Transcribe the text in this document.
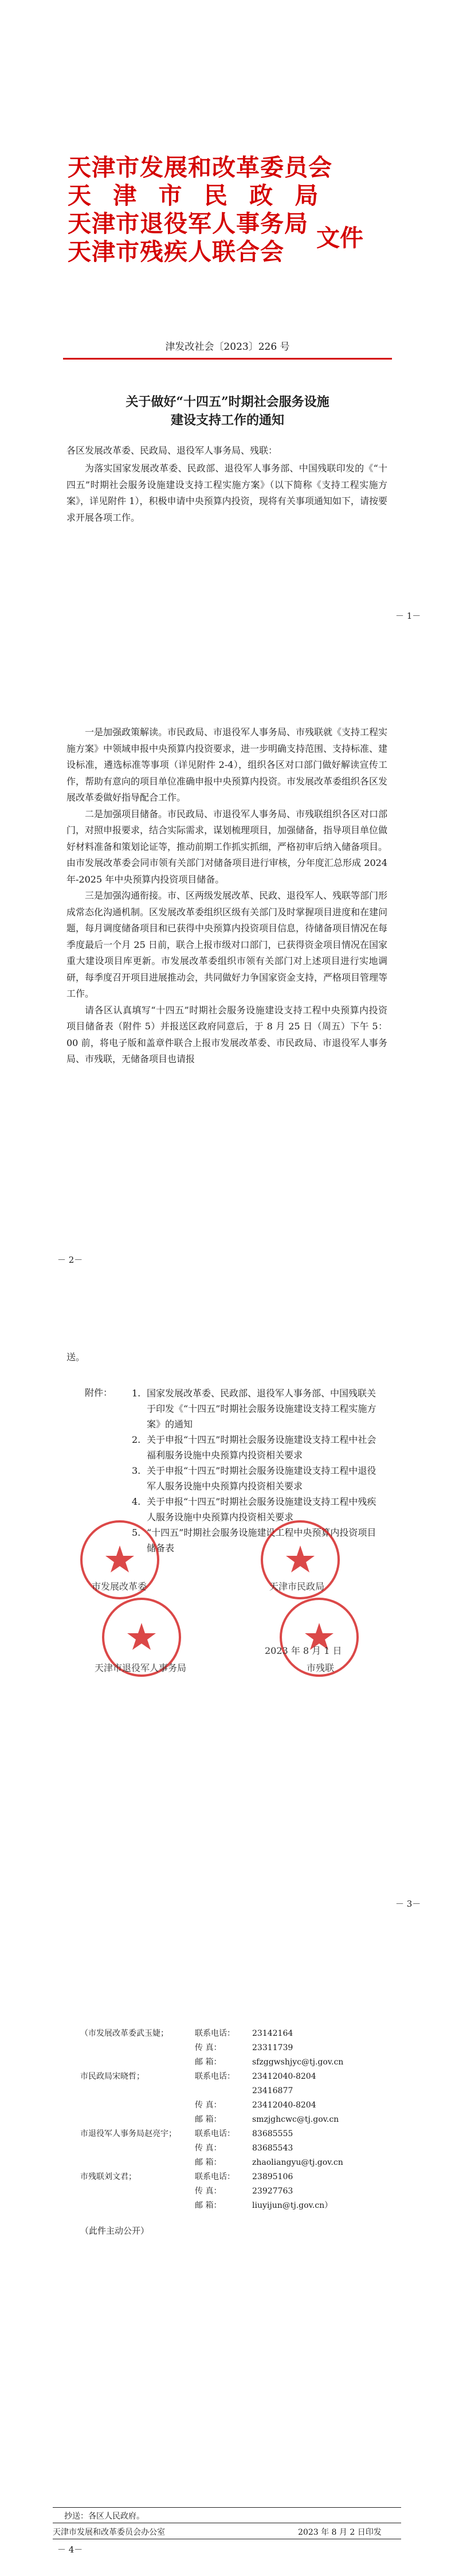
天津市发展和改革委员会
天 津 市 民 政 局
天津市退役军人事务局
天津市残疾人联合会	文件
津发改社会〔2023〕226 号
关于做好“十四五”时期社会服务设施
建设支持工作的通知
各区发展改革委、民政局、退役军人事务局、残联：
为落实国家发展改革委、民政部、退役军人事务部、中国残联印发的《“十四五”时期社会服务设施建设支持工程实施方案》（以下简称《支持工程实施方案》，详见附件 1），积极申请中央预算内投资，现将有关事项通知如下，请按要求开展各项工作。
－ 1－

一是加强政策解读。市民政局、市退役军人事务局、市残联就《支持工程实施方案》中领域申报中央预算内投资要求，进一步明确支持范围、支持标准、建设标准，遴选标准等事项（详见附件 2-4），组织各区对口部门做好解读宣传工作，帮助有意向的项目单位准确申报中央预算内投资。市发展改革委组织各区发展改革委做好指导配合工作。

二是加强项目储备。市民政局、市退役军人事务局、市残联组织各区对口部门，对照申报要求，结合实际需求，谋划梳理项目，加强储备，指导项目单位做好材料准备和策划论证等，推动前期工作抓实抓细，严格初审后纳入储备项目。由市发展改革委会同市领有关部门对储备项目进行审核，分年度汇总形成 2024 年-2025 年中央预算内投资项目储备。

三是加强沟通衔接。市、区两级发展改革、民政、退役军人、残联等部门形成常态化沟通机制。区发展改革委组织区级有关部门及时掌握项目进度和在建问题，每月调度储备项目和已获得中央预算内投资项目信息，待储备项目情况在每季度最后一个月 25 日前，联合上报市级对口部门，已获得资金项目情况在国家重大建设项目库更新。市发展改革委组织市领有关部门对上述项目进行实地调研，每季度召开项目进展推动会，共同做好力争国家资金支持，严格项目管理等工作。

请各区认真填写“十四五”时期社会服务设施建设支持工程中央预算内投资项目储备表（附件 5）并报送区政府同意后，于 8 月 25 日（周五）下午 5：00 前，将电子版和盖章件联合上报市发展改革委、市民政局、市退役军人事务局、市残联，无储备项目也请报

－ 2－
送。
附件： 1. 国家发展改革委、民政部、退役军人事务部、中国残联关于印发《“十四五”时期社会服务设施建设支持工程实施方案》的通知
2. 关于申报“十四五”时期社会服务设施建设支持工程中社会福利服务设施中央预算内投资相关要求
3. 关于申报“十四五”时期社会服务设施建设支持工程中退役军人服务设施中央预算内投资相关要求
4. 关于申报“十四五”时期社会服务设施建设支持工程中残疾人服务设施中央预算内投资相关要求
5. “十四五”时期社会服务设施建设工程中央预算内投资项目储备表
市发展改革委	天津市民政局
天津市退役军人事务局	市残联
2023 年 8 月 1 日
－ 3－
（市发展改革委武玉婕；	联系电话： 23142164
传 真：	23311739
邮 箱：	sfzggwshjyc@tj.gov.cn
市民政局宋晓哲；	联系电话： 23412040-8204
23416877
传 真：	23412040-8204
邮 箱：	smzjghcwc@tj.gov.cn
市退役军人事务局赵亮宇； 联系电话： 83685555
传 真：	83685543
邮 箱：	zhaoliangyu@tj.gov.cn
市残联刘文君；	联系电话： 23895106
传 真：	23927763
邮 箱：	liuyijun@tj.gov.cn）
（此件主动公开）
抄送：各区人民政府。
天津市发展和改革委员会办公室	2023 年 8 月 2 日印发
－ 4－
